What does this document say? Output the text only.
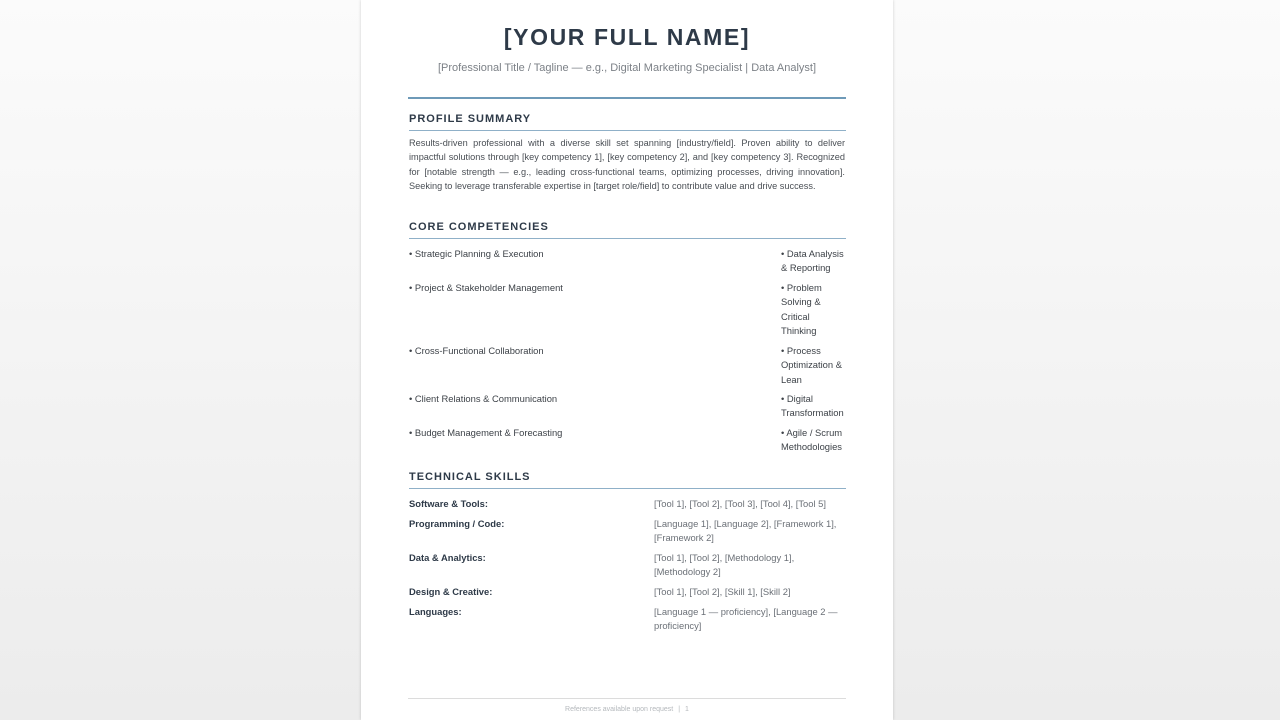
[YOUR FULL NAME]
[Professional Title / Tagline — e.g., Digital Marketing Specialist | Data Analyst]
PROFILE SUMMARY
Results-driven professional with a diverse skill set spanning [industry/field]. Proven ability to deliver impactful solutions through [key competency 1], [key competency 2], and [key competency 3]. Recognized for [notable strength — e.g., leading cross-functional teams, optimizing processes, driving innovation]. Seeking to leverage transferable expertise in [target role/field] to contribute value and drive success.
CORE COMPETENCIES
• Strategic Planning & Execution	• Data Analysis & Reporting
• Project & Stakeholder Management	• Problem Solving & Critical Thinking
• Cross-Functional Collaboration	• Process Optimization & Lean
• Client Relations & Communication	• Digital Transformation
• Budget Management & Forecasting	• Agile / Scrum Methodologies
TECHNICAL SKILLS
Software & Tools:	[Tool 1], [Tool 2], [Tool 3], [Tool 4], [Tool 5]
Programming / Code:	[Language 1], [Language 2], [Framework 1], [Framework 2]
Data & Analytics:	[Tool 1], [Tool 2], [Methodology 1], [Methodology 2]
Design & Creative:	[Tool 1], [Tool 2], [Skill 1], [Skill 2]
Languages:	[Language 1 — proficiency], [Language 2 — proficiency]
References available upon request | 1
